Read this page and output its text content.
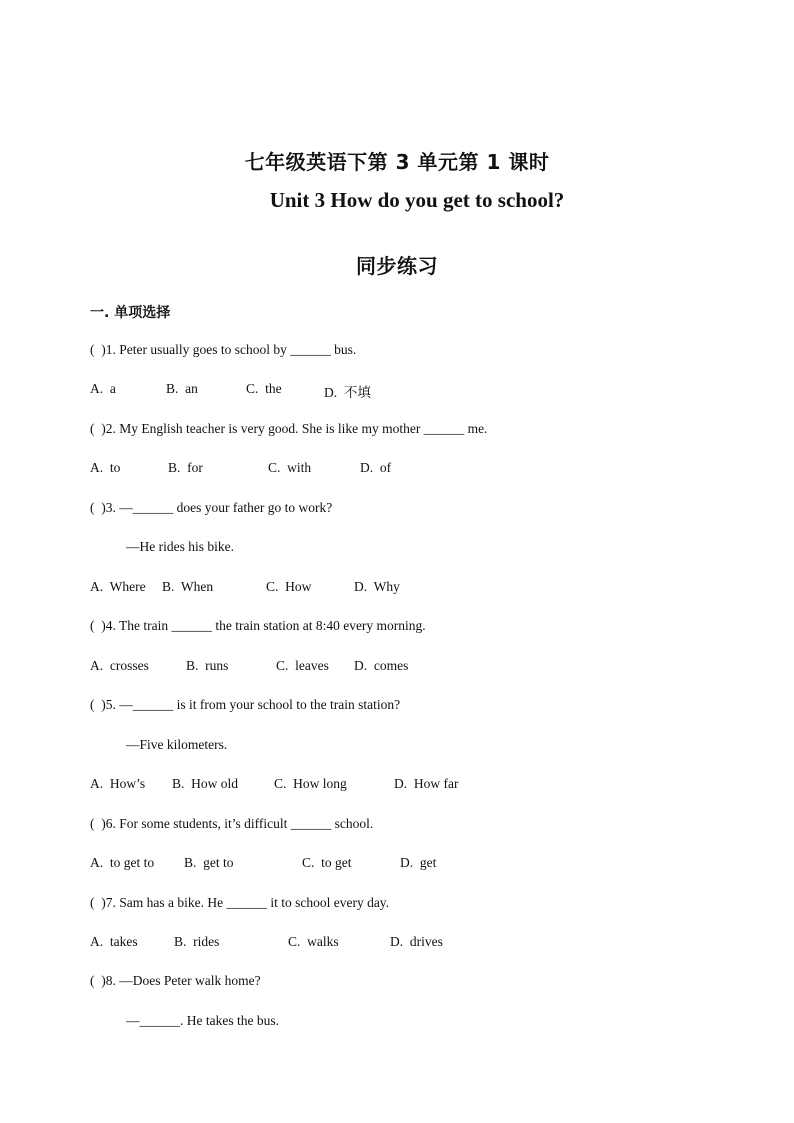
七年级英语下第 3 单元第 1 课时
Unit 3 How do you get to school?
同步练习
一. 单项选择
(  )1. Peter usually goes to school by ______ bus.
A.  a	B.  an	C.  the	D.  不填
(  )2. My English teacher is very good. She is like my mother ______ me.
A.  to	B.  for	C.  with	D.  of
(  )3. —______ does your father go to work?
—He rides his bike.
A.  Where B.  When	C.  How	D.  Why
(  )4. The train ______ the train station at 8:40 every morning.
A.  crosses	B.  runs	C.  leaves D.  comes
(  )5. —______ is it from your school to the train station?
—Five kilometers.
A.  How’s B.  How old	C.  How long	D.  How far
(  )6. For some students, it’s difficult ______ school.
A.  to get to B.  get to	C.  to get	D.  get
(  )7. Sam has a bike. He ______ it to school every day.
A.  takes	B.  rides	C.  walks	D.  drives
(  )8. —Does Peter walk home?
—______. He takes the bus.
